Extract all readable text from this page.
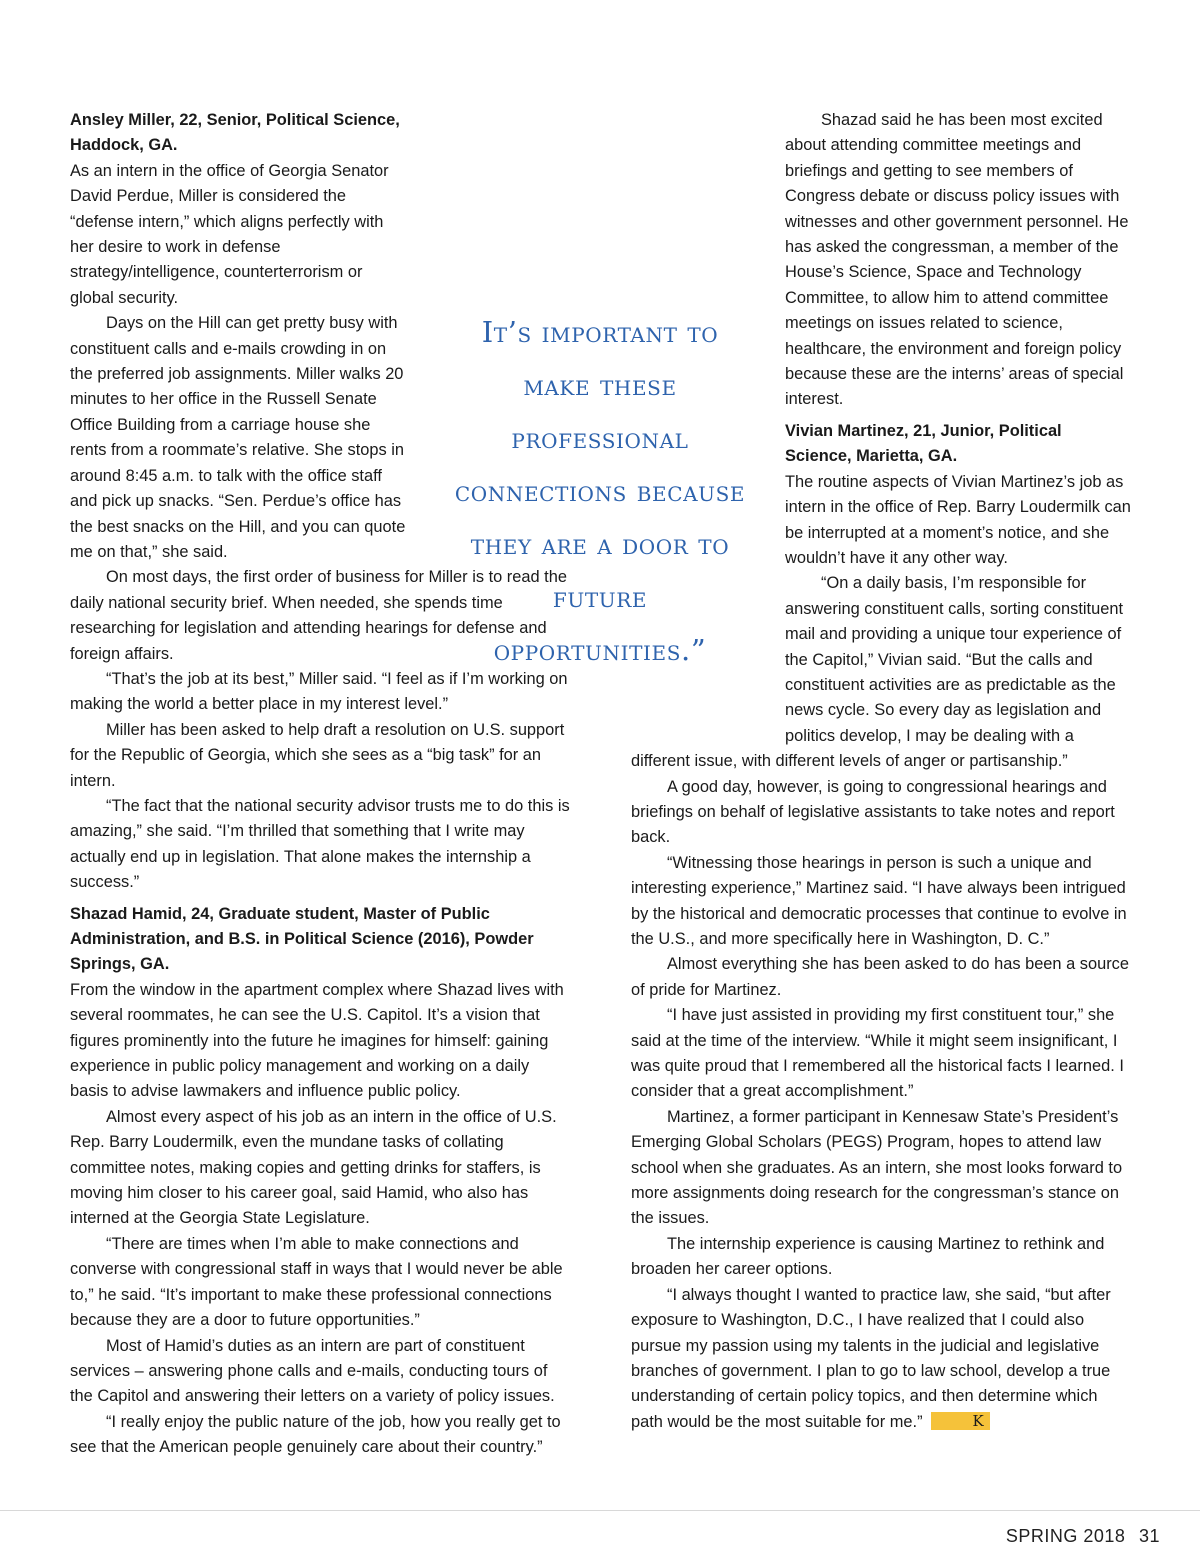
Ansley Miller, 22, Senior, Political Science, Haddock, GA.

As an intern in the office of Georgia Senator David Perdue, Miller is considered the “defense intern,” which aligns perfectly with her desire to work in defense strategy/intelligence, counterterrorism or global security.

Days on the Hill can get pretty busy with constituent calls and e-mails crowding in on the preferred job assignments. Miller walks 20 minutes to her office in the Russell Senate Office Building from a carriage house she rents from a roommate’s relative. She stops in around 8:45 a.m. to talk with the office staff and pick up snacks. “Sen. Perdue’s office has the best snacks on the Hill, and you can quote me on that,” she said.

On most days, the first order of business for Miller is to read the daily national security brief. When needed, she spends time researching for legislation and attending hearings for defense and foreign affairs.

“That’s the job at its best,” Miller said. “I feel as if I’m working on making the world a better place in my interest level.”

Miller has been asked to help draft a resolution on U.S. support for the Republic of Georgia, which she sees as a “big task” for an intern.

“The fact that the national security advisor trusts me to do this is amazing,” she said. “I’m thrilled that something that I write may actually end up in legislation. That alone makes the internship a success.”

Shazad Hamid, 24, Graduate student, Master of Public Administration, and B.S. in Political Science (2016), Powder Springs, GA.

From the window in the apartment complex where Shazad lives with several roommates, he can see the U.S. Capitol. It’s a vision that figures prominently into the future he imagines for himself: gaining experience in public policy management and working on a daily basis to advise lawmakers and influence public policy.

Almost every aspect of his job as an intern in the office of U.S. Rep. Barry Loudermilk, even the mundane tasks of collating committee notes, making copies and getting drinks for staffers, is moving him closer to his career goal, said Hamid, who also has interned at the Georgia State Legislature.

“There are times when I’m able to make connections and converse with congressional staff in ways that I would never be able to,” he said. “It’s important to make these professional connections because they are a door to future opportunities.”

Most of Hamid’s duties as an intern are part of constituent services – answering phone calls and e-mails, conducting tours of the Capitol and answering their letters on a variety of policy issues.

“I really enjoy the public nature of the job, how you really get to see that the American people genuinely care about their country.”

Shazad said he has been most excited about attending committee meetings and briefings and getting to see members of Congress debate or discuss policy issues with witnesses and other government personnel. He has asked the congressman, a member of the House’s Science, Space and Technology Committee, to allow him to attend committee meetings on issues related to science, healthcare, the environment and foreign policy because these are the interns’ areas of special interest.

Vivian Martinez, 21, Junior, Political Science, Marietta, GA.

The routine aspects of Vivian Martinez’s job as intern in the office of Rep. Barry Loudermilk can be interrupted at a moment’s notice, and she wouldn’t have it any other way.

“On a daily basis, I’m responsible for answering constituent calls, sorting constituent mail and providing a unique tour experience of the Capitol,” Vivian said. “But the calls and constituent activities are as predictable as the news cycle. So every day as legislation and politics develop, I may be dealing with a different issue, with different levels of anger or partisanship.”

A good day, however, is going to congressional hearings and briefings on behalf of legislative assistants to take notes and report back.

“Witnessing those hearings in person is such a unique and interesting experience,” Martinez said. “I have always been intrigued by the historical and democratic processes that continue to evolve in the U.S., and more specifically here in Washington, D. C.”

Almost everything she has been asked to do has been a source of pride for Martinez.

“I have just assisted in providing my first constituent tour,” she said at the time of the interview. “While it might seem insignificant, I was quite proud that I remembered all the historical facts I learned. I consider that a great accomplishment.”

Martinez, a former participant in Kennesaw State’s President’s Emerging Global Scholars (PEGS) Program, hopes to attend law school when she graduates. As an intern, she most looks forward to more assignments doing research for the congressman’s stance on the issues.

The internship experience is causing Martinez to rethink and broaden her career options.

“I always thought I wanted to practice law, she said, “but after exposure to Washington, D.C., I have realized that I could also pursue my passion using my talents in the judicial and legislative branches of government. I plan to go to law school, develop a true understanding of certain policy topics, and then determine which path would be the most suitable for me.”	K

It’s important to make these professional connections because they are a door to future opportunities.”
SPRING 2018 31
